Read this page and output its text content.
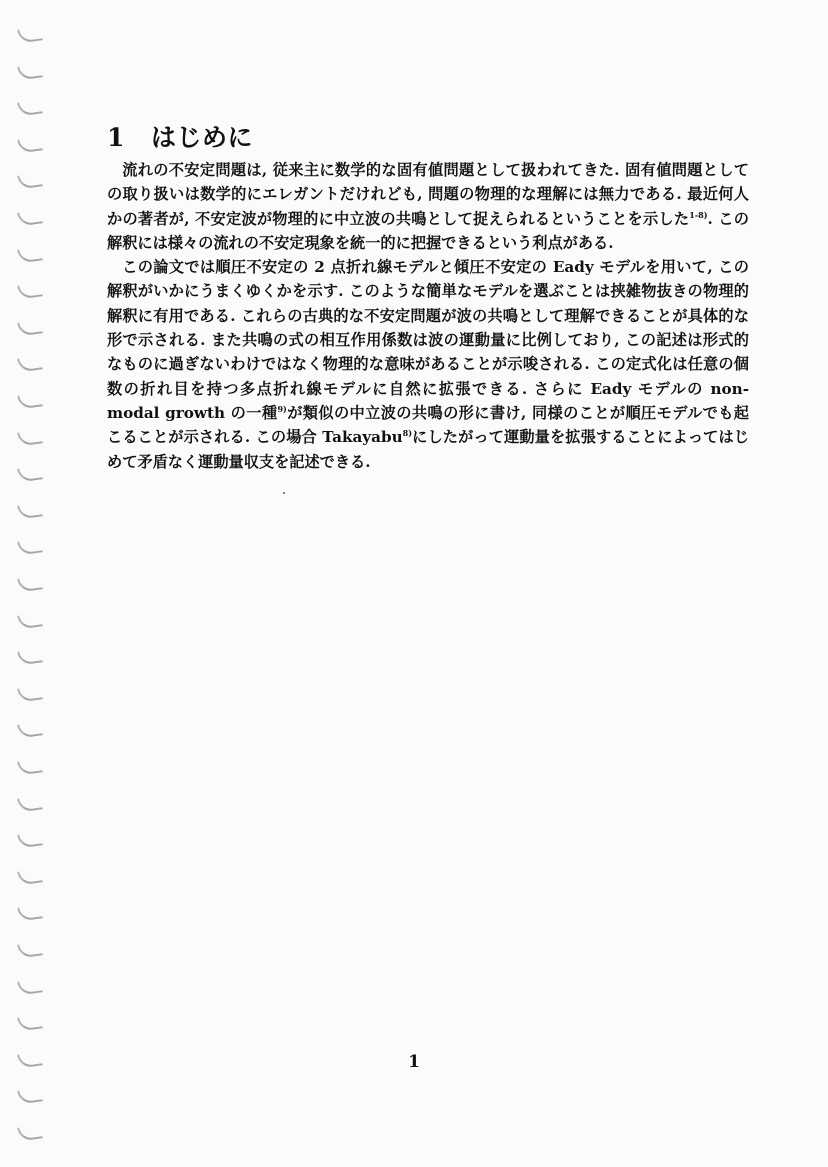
1 はじめに

流れの不安定問題は, 従来主に数学的な固有値問題として扱われてきた. 固有値問題としての取り扱いは数学的にエレガントだけれども, 問題の物理的な理解には無力である. 最近何人かの著者が, 不安定波が物理的に中立波の共鳴として捉えられるということを示した$^{1-8)}$. この解釈には様々の流れの不安定現象を統一的に把握できるという利点がある.

この論文では順圧不安定の 2 点折れ線モデルと傾圧不安定の Eady モデルを用いて, この解釈がいかにうまくゆくかを示す. このような簡単なモデルを選ぶことは挟雑物抜きの物理的解釈に有用である. これらの古典的な不安定問題が波の共鳴として理解できることが具体的な形で示される. また共鳴の式の相互作用係数は波の運動量に比例しており, この記述は形式的なものに過ぎないわけではなく物理的な意味があることが示唆される. この定式化は任意の個数の折れ目を持つ多点折れ線モデルに自然に拡張できる. さらに Eady モデルの non-modal growth の一種$^{9)}$が類似の中立波の共鳴の形に書け, 同様のことが順圧モデルでも起こることが示される. この場合 Takayabu$^{8)}$にしたがって運動量を拡張することによってはじめて矛盾なく運動量収支を記述できる.

1
